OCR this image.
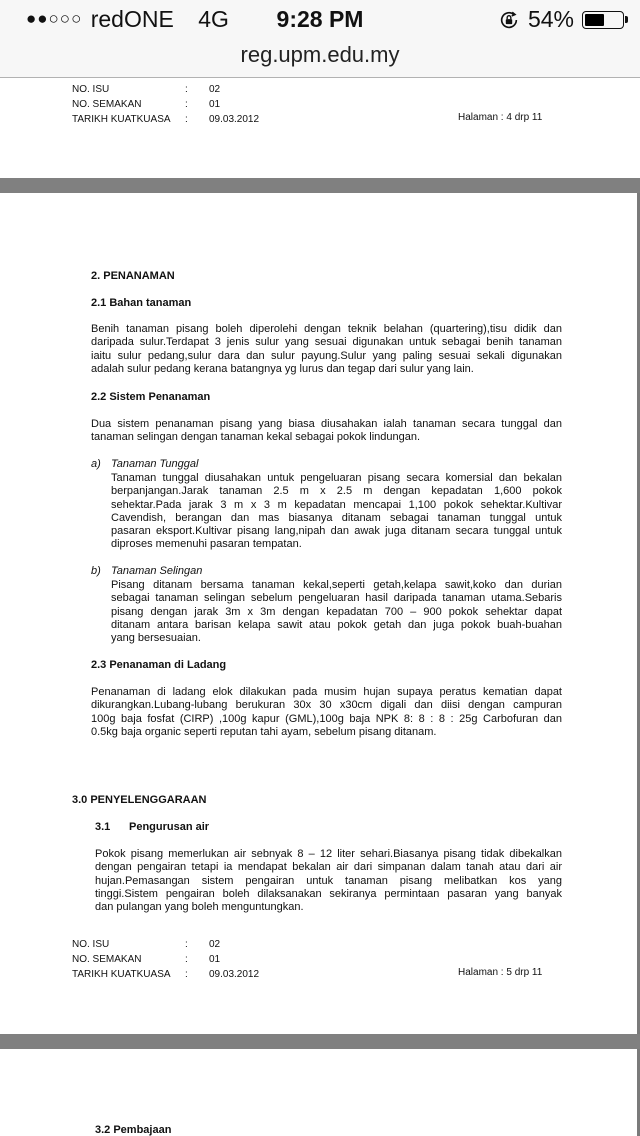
●●○○○ redONE 4G	9:28 PM	54%
reg.upm.edu.my
NO. ISU	: 02
NO. SEMAKAN	: 01
TARIKH KUATKUASA : 09.03.2012	Halaman : 4 drp 11
2. PENANAMAN
2.1 Bahan tanaman
Benih tanaman pisang boleh diperolehi dengan teknik belahan (quartering),tisu didik dan
daripada sulur.Terdapat 3 jenis sulur yang sesuai digunakan untuk sebagai benih tanaman
iaitu sulur pedang,sulur dara dan sulur payung.Sulur yang paling sesuai sekali digunakan
adalah sulur pedang kerana batangnya yg lurus dan tegap dari sulur yang lain.
2.2 Sistem Penanaman
Dua sistem penanaman pisang yang biasa diusahakan ialah tanaman secara tunggal dan
tanaman selingan dengan tanaman kekal sebagai pokok lindungan.
a) Tanaman Tunggal
Tanaman tunggal diusahakan untuk pengeluaran pisang secara komersial dan bekalan
berpanjangan.Jarak tanaman 2.5 m x 2.5 m dengan kepadatan 1,600 pokok
sehektar.Pada jarak 3 m x 3 m kepadatan mencapai 1,100 pokok sehektar.Kultivar
Cavendish, berangan dan mas biasanya ditanam sebagai tanaman tunggal untuk
pasaran eksport.Kultivar pisang lang,nipah dan awak juga ditanam secara tunggal untuk
diproses memenuhi pasaran tempatan.
b) Tanaman Selingan
Pisang ditanam bersama tanaman kekal,seperti getah,kelapa sawit,koko dan durian
sebagai tanaman selingan sebelum pengeluaran hasil daripada tanaman utama.Sebaris
pisang dengan jarak 3m x 3m dengan kepadatan 700 – 900 pokok sehektar dapat
ditanam antara barisan kelapa sawit atau pokok getah dan juga pokok buah-buahan
yang bersesuaian.
2.3 Penanaman di Ladang
Penanaman di ladang elok dilakukan pada musim hujan supaya peratus kematian dapat
dikurangkan.Lubang-lubang berukuran 30x 30 x30cm digali dan diisi dengan campuran
100g baja fosfat (CIRP) ,100g kapur (GML),100g baja NPK 8: 8 : 8 : 25g Carbofuran dan
0.5kg baja organic seperti reputan tahi ayam, sebelum pisang ditanam.
3.0 PENYELENGGARAAN
3.1 Pengurusan air
Pokok pisang memerlukan air sebnyak 8 – 12 liter sehari.Biasanya pisang tidak dibekalkan
dengan pengairan tetapi ia mendapat bekalan air dari simpanan dalam tanah atau dari air
hujan.Pemasangan sistem pengairan untuk tanaman pisang melibatkan kos yang
tinggi.Sistem pengairan boleh dilaksanakan sekiranya permintaan pasaran yang banyak
dan pulangan yang boleh menguntungkan.
NO. ISU	: 02
NO. SEMAKAN	: 01
TARIKH KUATKUASA : 09.03.2012	Halaman : 5 drp 11
3.2 Pembajaan
